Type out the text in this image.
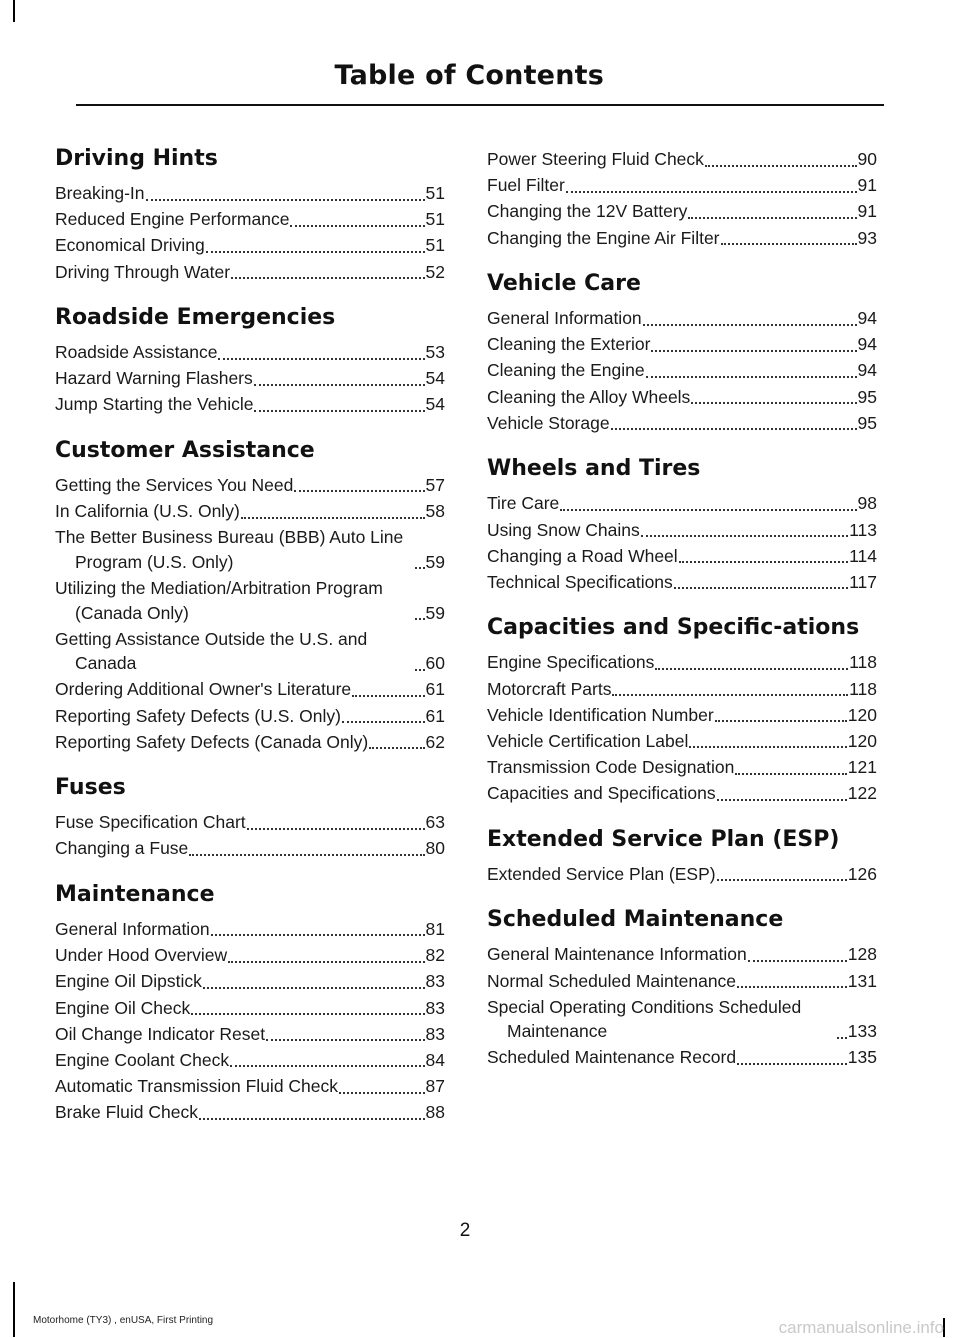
Table of Contents
Driving Hints
Breaking-In	51
Reduced Engine Performance	51
Economical Driving	51
Driving Through Water	52
Roadside Emergencies
Roadside Assistance	53
Hazard Warning Flashers	54
Jump Starting the Vehicle	54
Customer Assistance
Getting the Services You Need	57
In California (U.S. Only)	58
The Better Business Bureau (BBB) Auto Line Program (U.S. Only)	59
Utilizing the Mediation/Arbitration Program (Canada Only)	59
Getting Assistance Outside the U.S. and Canada	60
Ordering Additional Owner's Literature	61
Reporting Safety Defects (U.S. Only)	61
Reporting Safety Defects (Canada Only)	62
Fuses
Fuse Specification Chart	63
Changing a Fuse	80
Maintenance
General Information	81
Under Hood Overview	82
Engine Oil Dipstick	83
Engine Oil Check	83
Oil Change Indicator Reset	83
Engine Coolant Check	84
Automatic Transmission Fluid Check	87
Brake Fluid Check	88
Power Steering Fluid Check	90
Fuel Filter	91
Changing the 12V Battery	91
Changing the Engine Air Filter	93
Vehicle Care
General Information	94
Cleaning the Exterior	94
Cleaning the Engine	94
Cleaning the Alloy Wheels	95
Vehicle Storage	95
Wheels and Tires
Tire Care	98
Using Snow Chains	113
Changing a Road Wheel	114
Technical Specifications	117
Capacities and Specific-ations
Engine Specifications	118
Motorcraft Parts	118
Vehicle Identification Number	120
Vehicle Certification Label	120
Transmission Code Designation	121
Capacities and Specifications	122
Extended Service Plan (ESP)
Extended Service Plan (ESP)	126
Scheduled Maintenance
General Maintenance Information	128
Normal Scheduled Maintenance	131
Special Operating Conditions Scheduled Maintenance	133
Scheduled Maintenance Record	135
2
Motorhome (TY3) , enUSA, First Printing	carmanualsonline.info
